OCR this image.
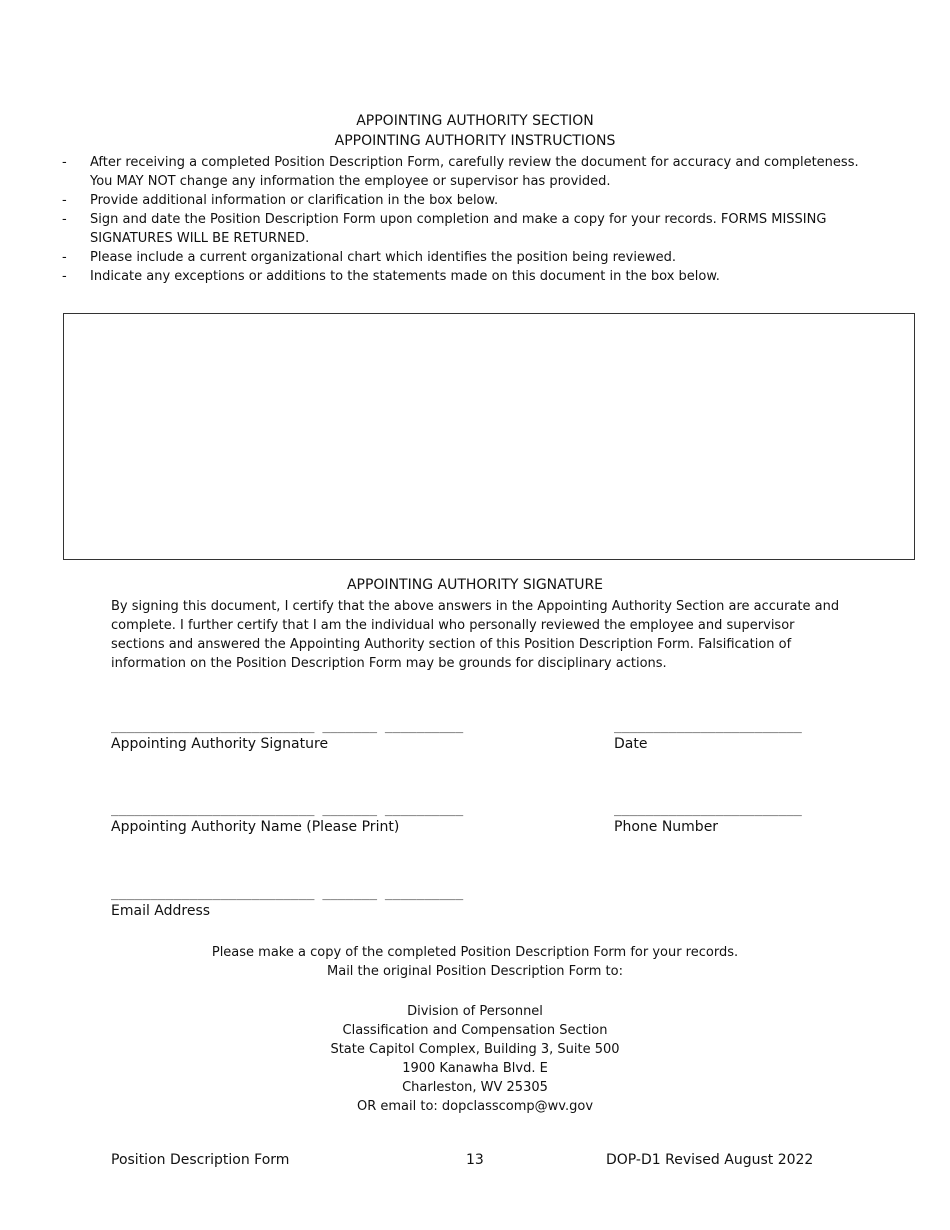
APPOINTING AUTHORITY SECTION
APPOINTING AUTHORITY INSTRUCTIONS
- After receiving a completed Position Description Form, carefully review the document for accuracy and completeness. You MAY NOT change any information the employee or supervisor has provided.
- Provide additional information or clarification in the box below.
- Sign and date the Position Description Form upon completion and make a copy for your records. FORMS MISSING SIGNATURES WILL BE RETURNED.
- Please include a current organizational chart which identifies the position being reviewed.
- Indicate any exceptions or additions to the statements made on this document in the box below.
APPOINTING AUTHORITY SIGNATURE

By signing this document, I certify that the above answers in the Appointing Authority Section are accurate and complete. I further certify that I am the individual who personally reviewed the employee and supervisor sections and answered the Appointing Authority section of this Position Description Form. Falsification of information on the Position Description Form may be grounds for disciplinary actions.

__________________________ _______ __________
Appointing Authority Signature
________________________
Date
__________________________ _______ __________
Appointing Authority Name (Please Print)
________________________
Phone Number
__________________________ _______ __________
Email Address
Please make a copy of the completed Position Description Form for your records.
Mail the original Position Description Form to:
Division of Personnel
Classification and Compensation Section
State Capitol Complex, Building 3, Suite 500
1900 Kanawha Blvd. E
Charleston, WV 25305
OR email to: dopclasscomp@wv.gov
Position Description Form	13	DOP-D1 Revised August 2022
